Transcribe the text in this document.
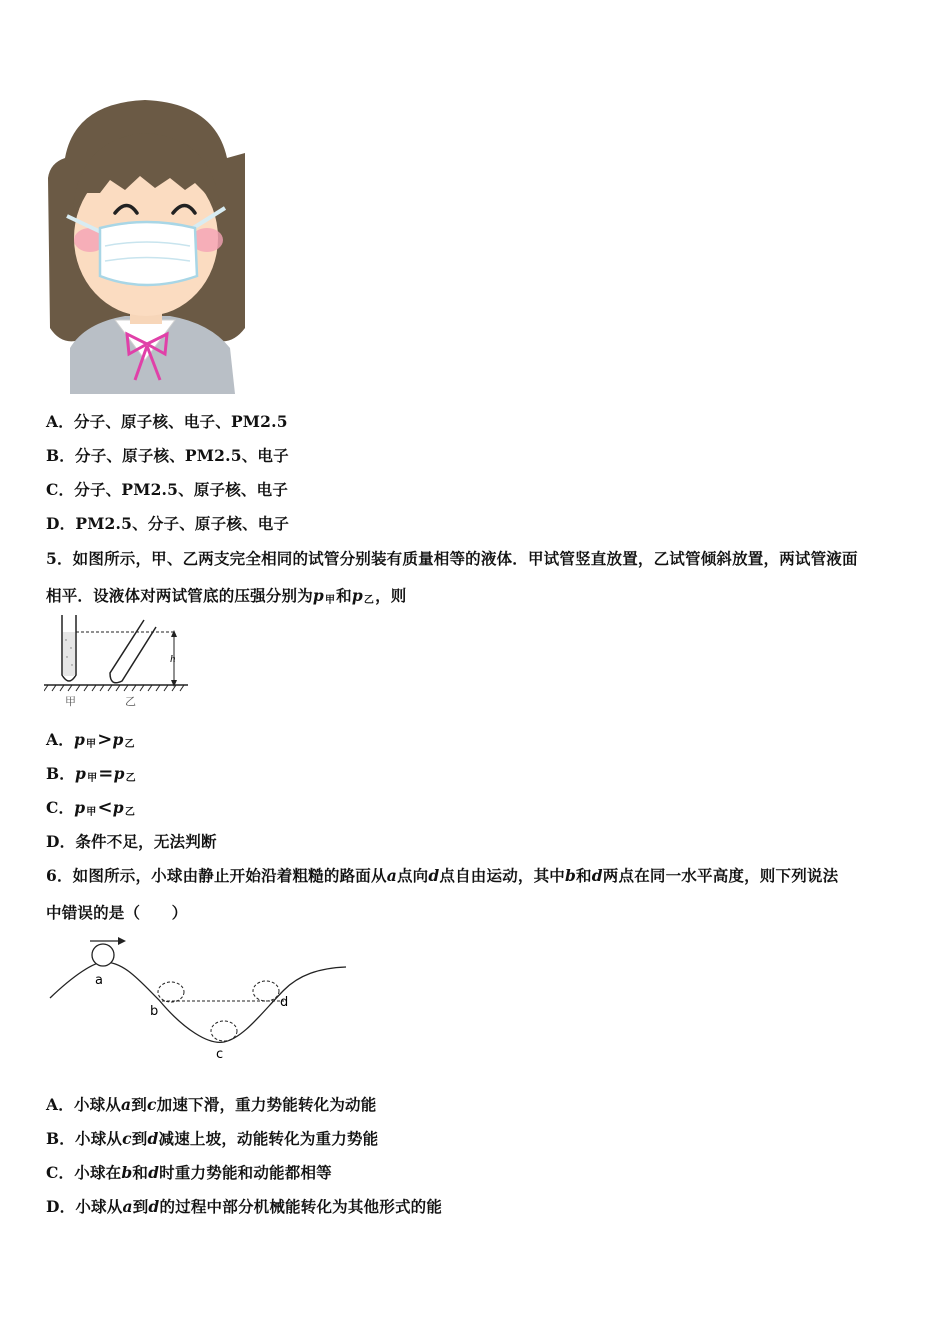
A．分子、原子核、电子、PM2.5
B．分子、原子核、PM2.5、电子
C．分子、PM2.5、原子核、电子
D．PM2.5、分子、原子核、电子
5．如图所示，甲、乙两支完全相同的试管分别装有质量相等的液体．甲试管竖直放置，乙试管倾斜放置，两试管液面
相平．设液体对两试管底的压强分别为$p_甲$和$p_乙$，则
h
甲	乙
A．$p_甲>p_乙$
B．$p_甲=p_乙$
C．$p_甲<p_乙$
D．条件不足，无法判断
6．如图所示，小球由静止开始沿着粗糙的路面从a点向d点自由运动，其中b和d两点在同一水平高度，则下列说法
中错误的是（　　）
a
b
c
d
A．小球从a到c加速下滑，重力势能转化为动能
B．小球从c到d减速上坡，动能转化为重力势能
C．小球在b和d时重力势能和动能都相等
D．小球从a到d的过程中部分机械能转化为其他形式的能
